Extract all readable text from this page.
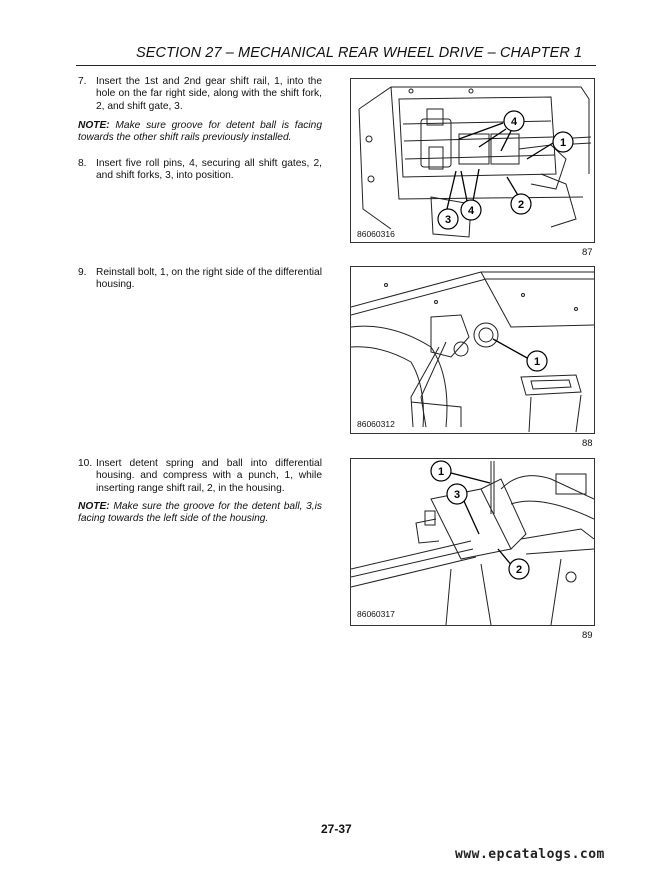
SECTION 27 – MECHANICAL REAR WHEEL DRIVE – CHAPTER 1
7. Insert the 1st and 2nd gear shift rail, 1, into the hole on the far right side, along with the shift fork, 2, and shift gate, 3.
NOTE: Make sure groove for detent ball is facing towards the other shift rails previously installed.
8. Insert five roll pins, 4, securing all shift gates, 2, and shift forks, 3, into position.
9. Reinstall bolt, 1, on the right side of the differential housing.
10. Insert detent spring and ball into differential housing. and compress with a punch, 1, while inserting range shift rail, 2, in the housing.
NOTE: Make sure the groove for the detent ball, 3,is facing towards the left side of the housing.
4
1
2
3
4
86060316
87
1
86060312
88
1
3
2
86060317
89
27-37
www.epcatalogs.com
